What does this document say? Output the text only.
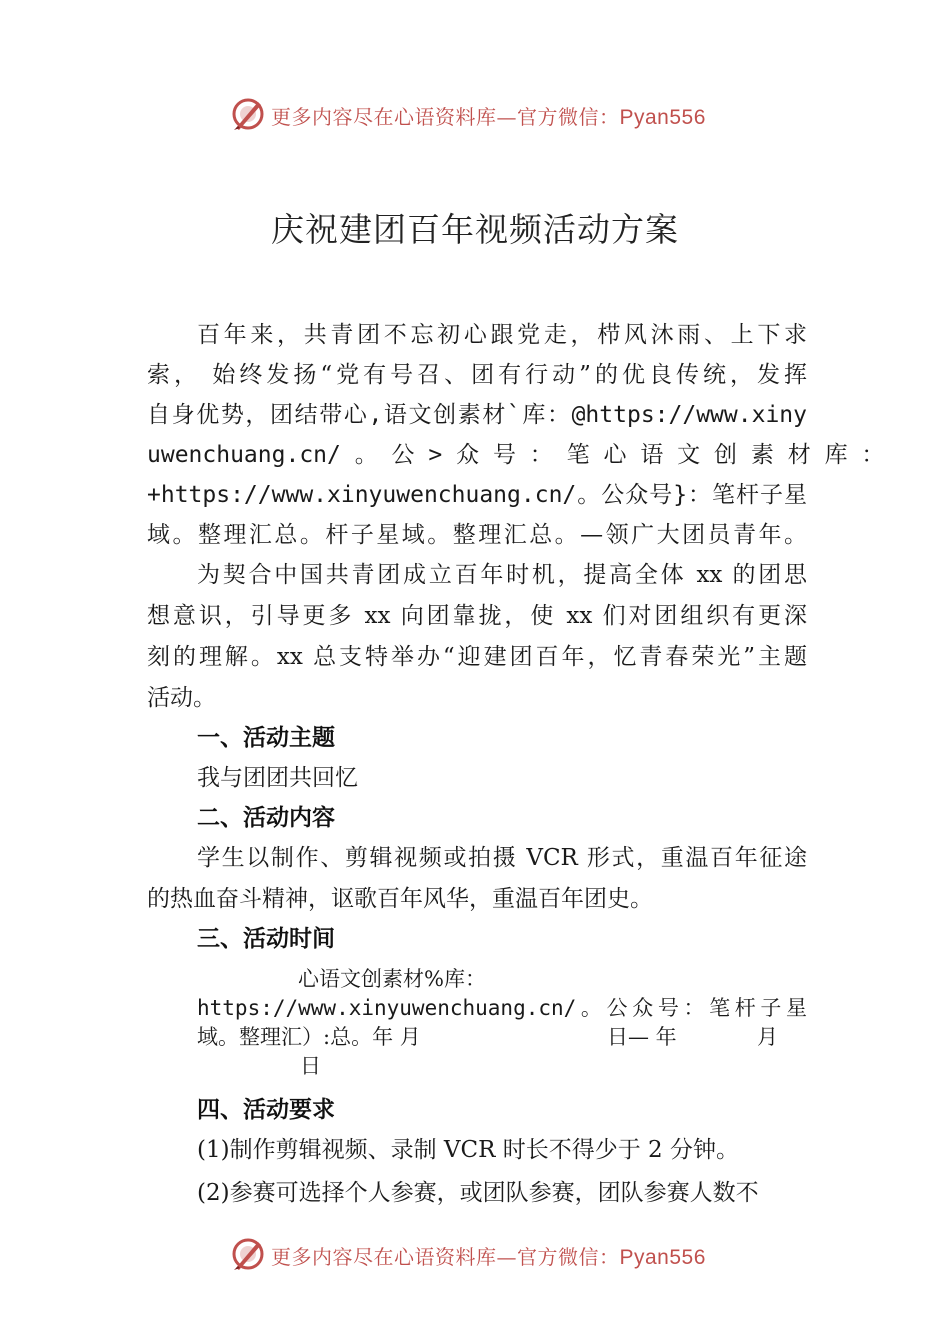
更多内容尽在心语资料库—官方微信：Pyan556
庆祝建团百年视频活动方案
百年来，共青团不忘初心跟党走，栉风沐雨、上下求
索， 始终发扬“党有号召、团有行动”的优良传统，发挥
自身优势，团结带心,语文创素材`库：@https://www.xiny
uwenchuang.cn/ 。 公 > 众 号 ： 笔 心 语 文 创 素 材 库 ：
+https://www.xinyuwenchuang.cn/。公众号}：笔杆子星
域。整理汇总。杆子星域。整理汇总。—领广大团员青年。
为契合中国共青团成立百年时机，提高全体 xx 的团思
想意识，引导更多 xx 向团靠拢，使 xx 们对团组织有更深
刻的理解。xx 总支特举办“迎建团百年，忆青春荣光”主题
活动。
一、活动主题
我与团团共回忆
二、活动内容
学生以制作、剪辑视频或拍摄 VCR 形式，重温百年征途
的热血奋斗精神，讴歌百年风华，重温百年团史。
三、活动时间
心语文创素材%库：
https://www.xinyuwenchuang.cn/。公众号：笔杆子星
域。整理汇）:总。年 月	日— 年	月
日
四、活动要求
(1)制作剪辑视频、录制 VCR 时长不得少于 2 分钟。
(2)参赛可选择个人参赛，或团队参赛，团队参赛人数不
更多内容尽在心语资料库—官方微信：Pyan556
